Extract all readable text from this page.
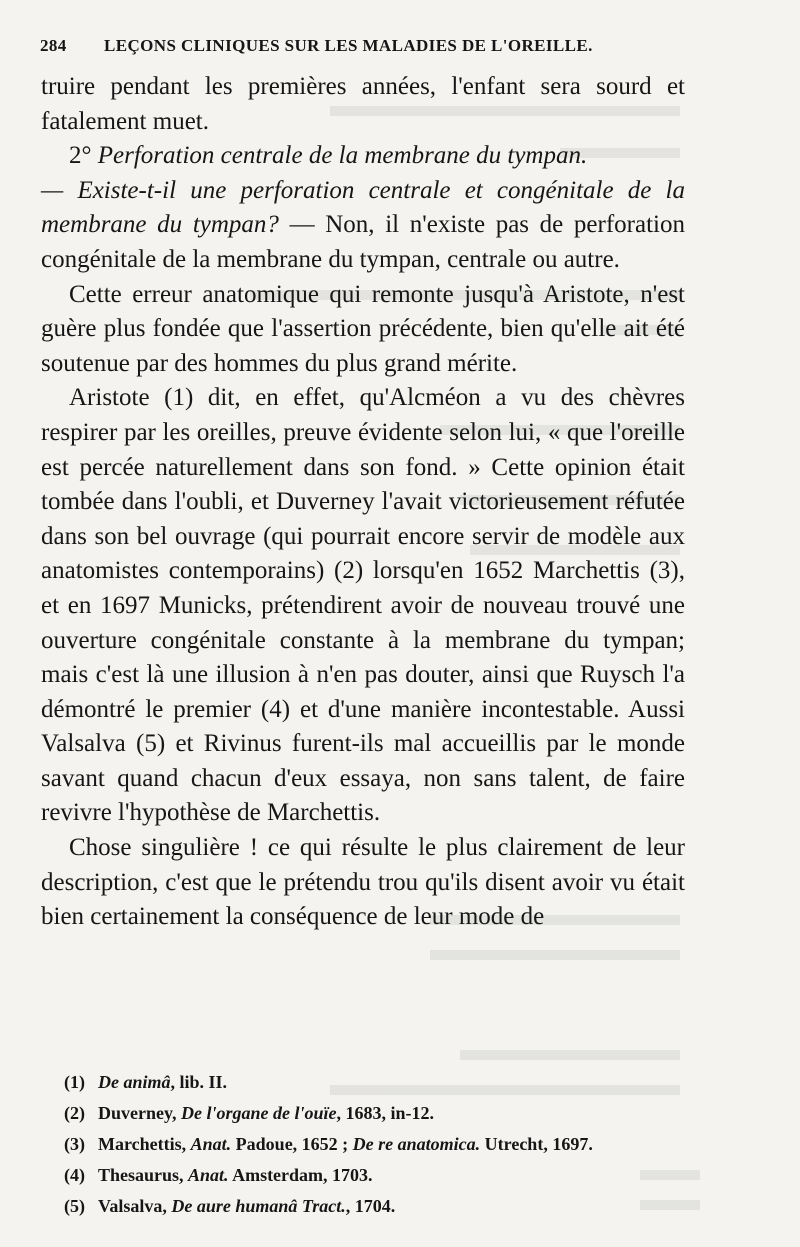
284 LEÇONS CLINIQUES SUR LES MALADIES DE L'OREILLE.

truire pendant les premières années, l'enfant sera sourd et fatalement muet.

2° Perforation centrale de la membrane du tympan.
— Existe-t-il une perforation centrale et congénitale de la membrane du tympan? — Non, il n'existe pas de perforation congénitale de la membrane du tympan, centrale ou autre.

Cette erreur anatomique qui remonte jusqu'à Aristote, n'est guère plus fondée que l'assertion précédente, bien qu'elle ait été soutenue par des hommes du plus grand mérite.

Aristote (1) dit, en effet, qu'Alcméon a vu des chèvres respirer par les oreilles, preuve évidente selon lui, « que l'oreille est percée naturellement dans son fond. » Cette opinion était tombée dans l'oubli, et Duverney l'avait victorieusement réfutée dans son bel ouvrage (qui pourrait encore servir de modèle aux anatomistes contemporains) (2) lorsqu'en 1652 Marchettis (3), et en 1697 Municks, prétendirent avoir de nouveau trouvé une ouverture congénitale constante à la membrane du tympan; mais c'est là une illusion à n'en pas douter, ainsi que Ruysch l'a démontré le premier (4) et d'une manière incontestable. Aussi Valsalva (5) et Rivinus furent-ils mal accueillis par le monde savant quand chacun d'eux essaya, non sans talent, de faire revivre l'hypothèse de Marchettis.

Chose singulière ! ce qui résulte le plus clairement de leur description, c'est que le prétendu trou qu'ils disent avoir vu était bien certainement la conséquence de leur mode de

(1) De animâ, lib. II.
(2) Duverney, De l'organe de l'ouïe, 1683, in-12.
(3) Marchettis, Anat. Padoue, 1652 ; De re anatomica. Utrecht, 1697.
(4) Thesaurus, Anat. Amsterdam, 1703.
(5) Valsalva, De aure humanâ Tract., 1704.
